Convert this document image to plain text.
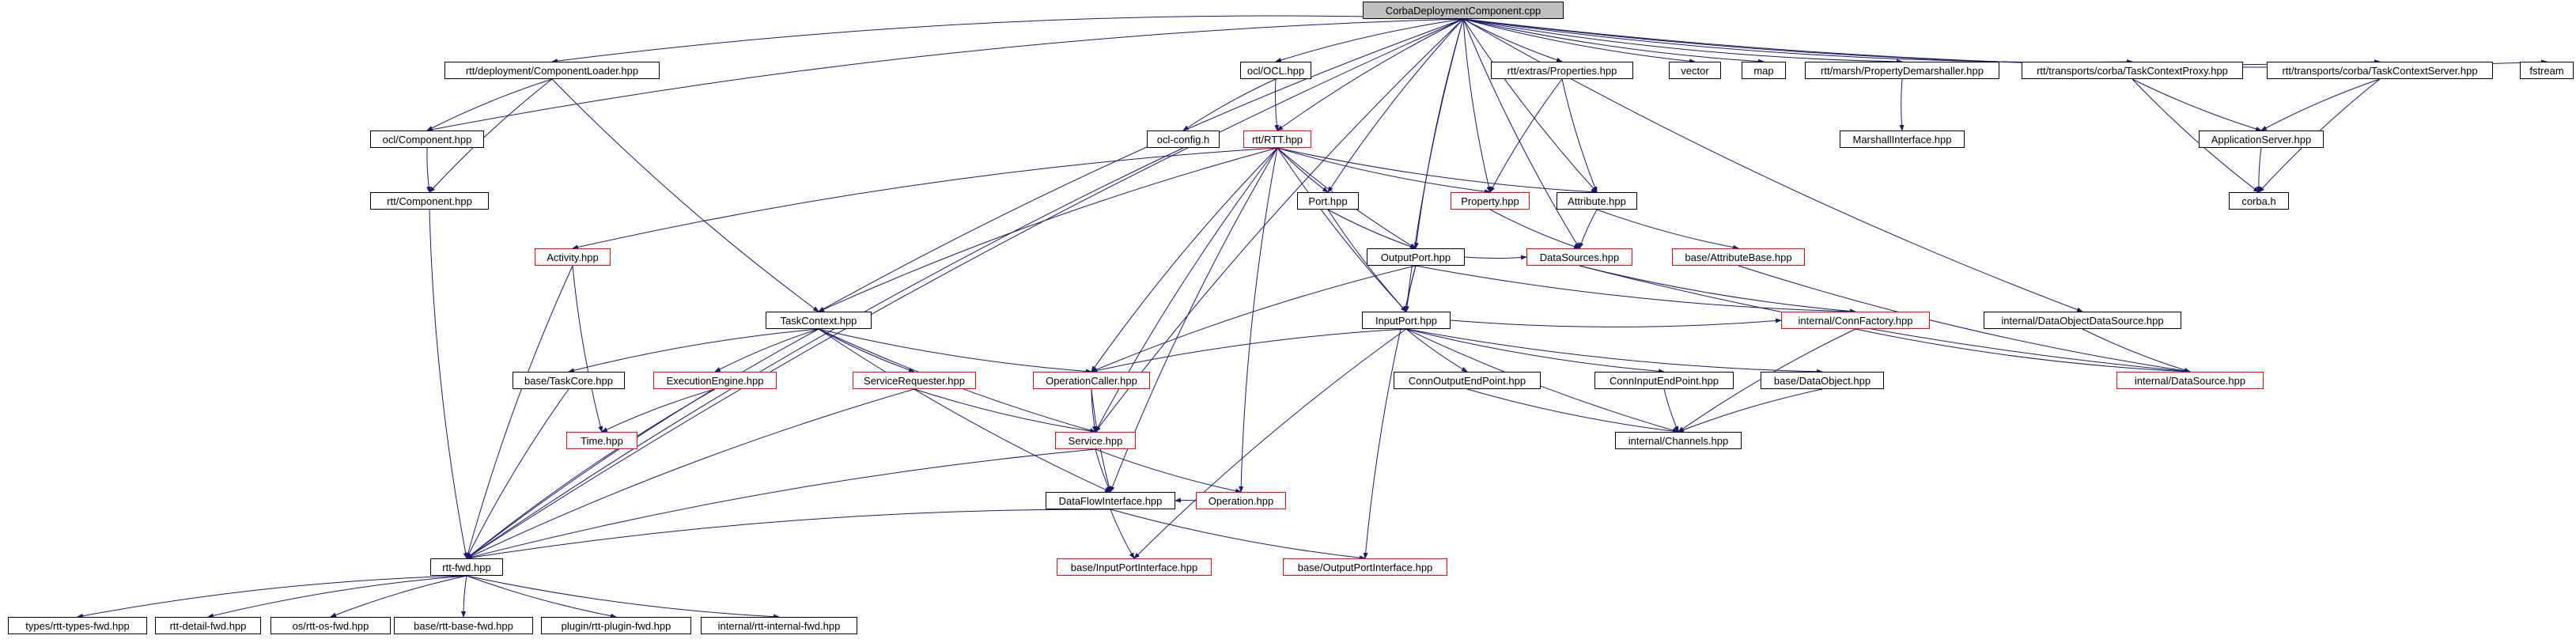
CorbaDeploymentComponent.cpp
rtt/deployment/ComponentLoader.hpp	ocl/OCL.hpp	rtt/extras/Properties.hpp	vector	map	rtt/marsh/PropertyDemarshaller.hpp	rtt/transports/corba/TaskContextProxy.hpp	rtt/transports/corba/TaskContextServer.hpp	fstream
ocl/Component.hpp	ocl-config.h	rtt/RTT.hpp	MarshallInterface.hpp	ApplicationServer.hpp
rtt/Component.hpp	Port.hpp	Property.hpp	Attribute.hpp	corba.h
Activity.hpp	OutputPort.hpp	DataSources.hpp	base/AttributeBase.hpp
TaskContext.hpp	InputPort.hpp	internal/ConnFactory.hpp	internal/DataObjectDataSource.hpp
base/TaskCore.hpp	ExecutionEngine.hpp	ServiceRequester.hpp	OperationCaller.hpp	ConnOutputEndPoint.hpp	ConnInputEndPoint.hpp	base/DataObject.hpp	internal/DataSource.hpp
Time.hpp	Service.hpp	internal/Channels.hpp
DataFlowInterface.hpp	Operation.hpp
rtt-fwd.hpp	base/InputPortInterface.hpp	base/OutputPortInterface.hpp
types/rtt-types-fwd.hpp	rtt-detail-fwd.hpp	os/rtt-os-fwd.hpp	base/rtt-base-fwd.hpp	plugin/rtt-plugin-fwd.hpp	internal/rtt-internal-fwd.hpp
